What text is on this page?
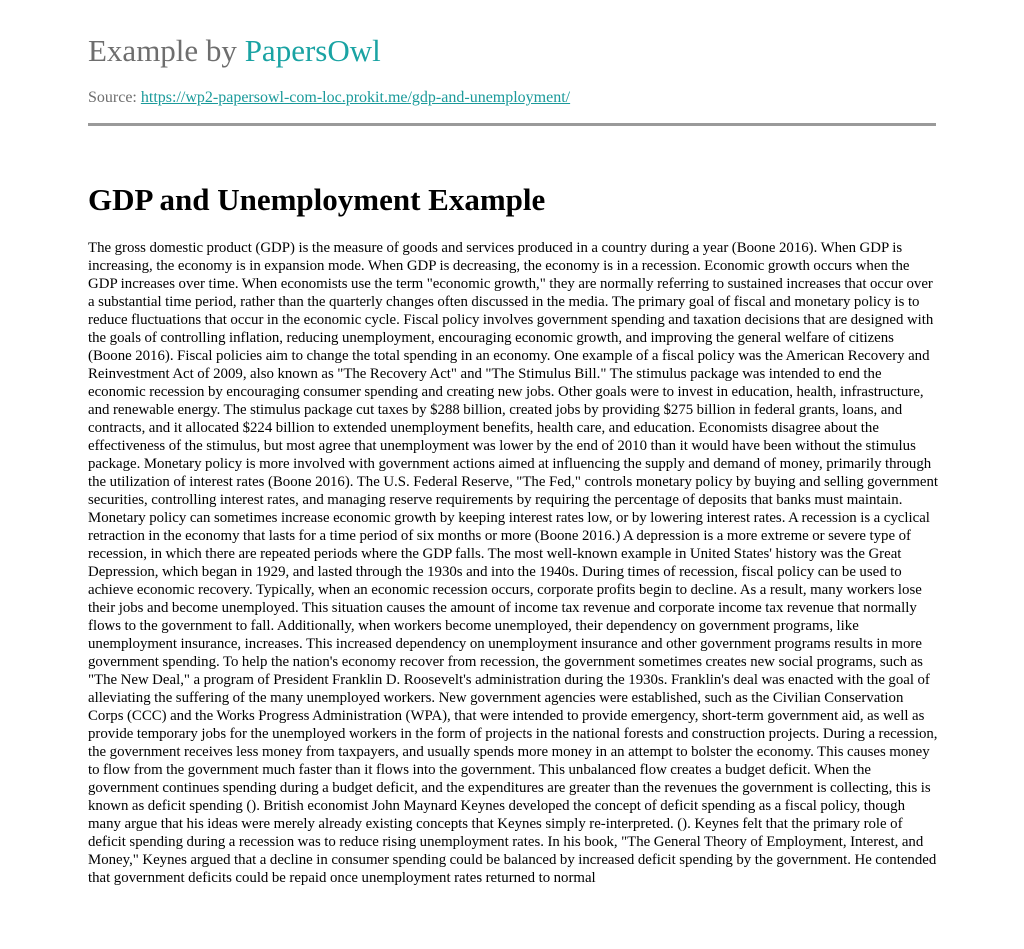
Example by PapersOwl
Source: https://wp2-papersowl-com-loc.prokit.me/gdp-and-unemployment/
GDP and Unemployment Example

The gross domestic product (GDP) is the measure of goods and services produced in a country during a year (Boone 2016). When GDP is increasing, the economy is in expansion mode. When GDP is decreasing, the economy is in a recession. Economic growth occurs when the GDP increases over time. When economists use the term "economic growth," they are normally referring to sustained increases that occur over a substantial time period, rather than the quarterly changes often discussed in the media. The primary goal of fiscal and monetary policy is to reduce fluctuations that occur in the economic cycle. Fiscal policy involves government spending and taxation decisions that are designed with the goals of controlling inflation, reducing unemployment, encouraging economic growth, and improving the general welfare of citizens (Boone 2016). Fiscal policies aim to change the total spending in an economy. One example of a fiscal policy was the American Recovery and Reinvestment Act of 2009, also known as "The Recovery Act" and "The Stimulus Bill." The stimulus package was intended to end the economic recession by encouraging consumer spending and creating new jobs. Other goals were to invest in education, health, infrastructure, and renewable energy. The stimulus package cut taxes by $288 billion, created jobs by providing $275 billion in federal grants, loans, and contracts, and it allocated $224 billion to extended unemployment benefits, health care, and education. Economists disagree about the effectiveness of the stimulus, but most agree that unemployment was lower by the end of 2010 than it would have been without the stimulus package. Monetary policy is more involved with government actions aimed at influencing the supply and demand of money, primarily through the utilization of interest rates (Boone 2016). The U.S. Federal Reserve, "The Fed," controls monetary policy by buying and selling government securities, controlling interest rates, and managing reserve requirements by requiring the percentage of deposits that banks must maintain. Monetary policy can sometimes increase economic growth by keeping interest rates low, or by lowering interest rates. A recession is a cyclical retraction in the economy that lasts for a time period of six months or more (Boone 2016.) A depression is a more extreme or severe type of recession, in which there are repeated periods where the GDP falls. The most well-known example in United States' history was the Great Depression, which began in 1929, and lasted through the 1930s and into the 1940s. During times of recession, fiscal policy can be used to achieve economic recovery. Typically, when an economic recession occurs, corporate profits begin to decline. As a result, many workers lose their jobs and become unemployed. This situation causes the amount of income tax revenue and corporate income tax revenue that normally flows to the government to fall. Additionally, when workers become unemployed, their dependency on government programs, like unemployment insurance, increases. This increased dependency on unemployment insurance and other government programs results in more government spending. To help the nation's economy recover from recession, the government sometimes creates new social programs, such as "The New Deal," a program of President Franklin D. Roosevelt's administration during the 1930s. Franklin's deal was enacted with the goal of alleviating the suffering of the many unemployed workers. New government agencies were established, such as the Civilian Conservation Corps (CCC) and the Works Progress Administration (WPA), that were intended to provide emergency, short-term government aid, as well as provide temporary jobs for the unemployed workers in the form of projects in the national forests and construction projects. During a recession, the government receives less money from taxpayers, and usually spends more money in an attempt to bolster the economy. This causes money to flow from the government much faster than it flows into the government. This unbalanced flow creates a budget deficit. When the government continues spending during a budget deficit, and the expenditures are greater than the revenues the government is collecting, this is known as deficit spending (). British economist John Maynard Keynes developed the concept of deficit spending as a fiscal policy, though many argue that his ideas were merely already existing concepts that Keynes simply re-interpreted. (). Keynes felt that the primary role of deficit spending during a recession was to reduce rising unemployment rates. In his book, "The General Theory of Employment, Interest, and Money," Keynes argued that a decline in consumer spending could be balanced by increased deficit spending by the government. He contended that government deficits could be repaid once unemployment rates returned to normal
